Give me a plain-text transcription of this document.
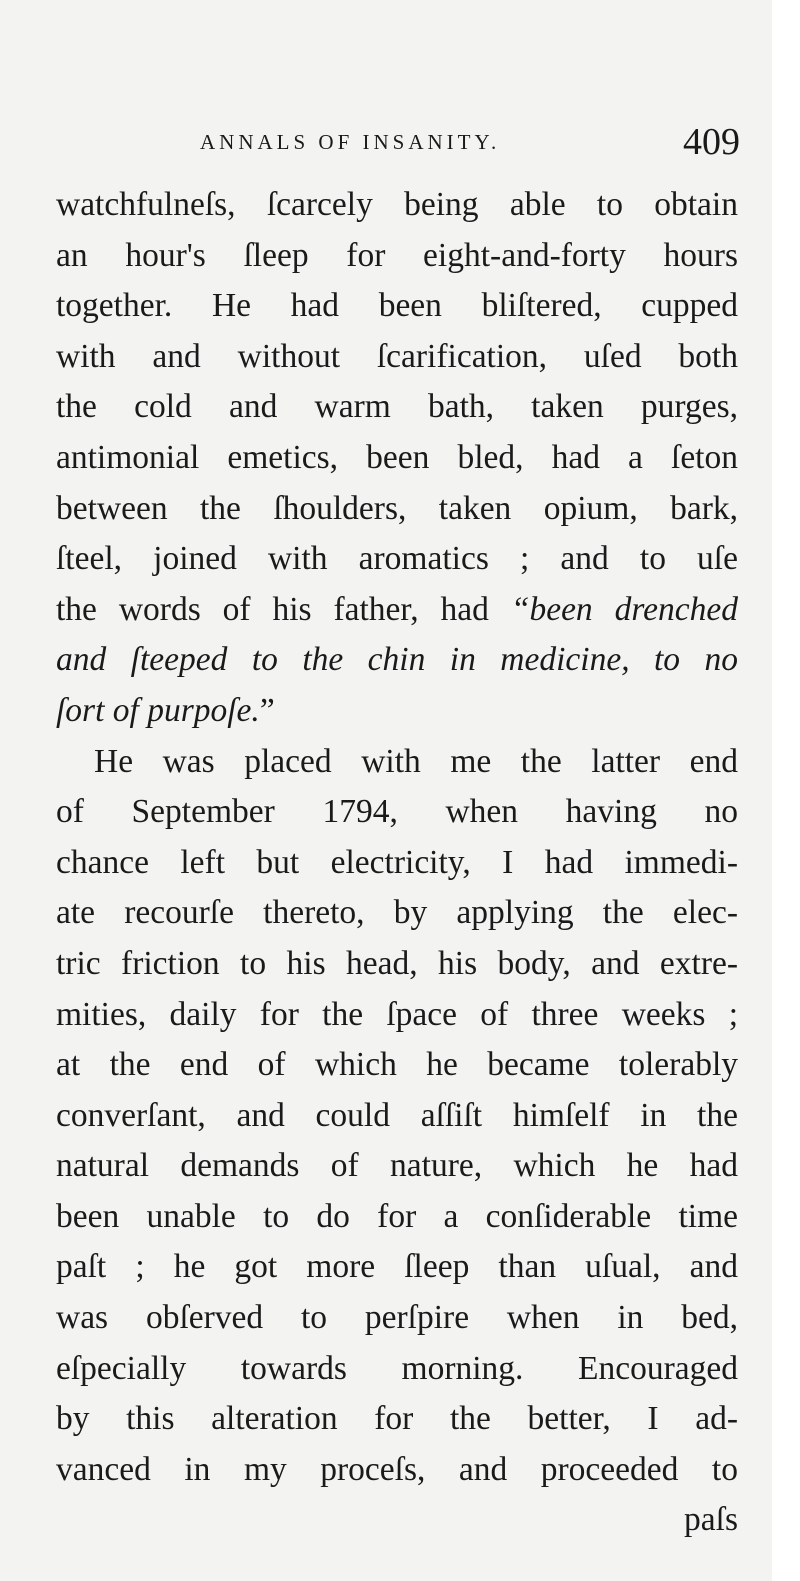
ANNALS OF INSANITY.	409
watchfulneſs, ſcarcely being able to obtain
an hour's ſleep for eight-and-forty hours
together. He had been bliſtered, cupped
with and without ſcarification, uſed both
the cold and warm bath, taken purges,
antimonial emetics, been bled, had a ſeton
between the ſhoulders, taken opium, bark,
ſteel, joined with aromatics ; and to uſe
the words of his father, had “been drenched
and ſteeped to the chin in medicine, to no
ſort of purpoſe.”
He was placed with me the latter end
of September 1794, when having no
chance left but electricity, I had immedi-
ate recourſe thereto, by applying the elec-
tric friction to his head, his body, and extre-
mities, daily for the ſpace of three weeks ;
at the end of which he became tolerably
converſant, and could aſſiſt himſelf in the
natural demands of nature, which he had
been unable to do for a conſiderable time
paſt ; he got more ſleep than uſual, and
was obſerved to perſpire when in bed,
eſpecially towards morning. Encouraged
by this alteration for the better, I ad-
vanced in my proceſs, and proceeded to
paſs
